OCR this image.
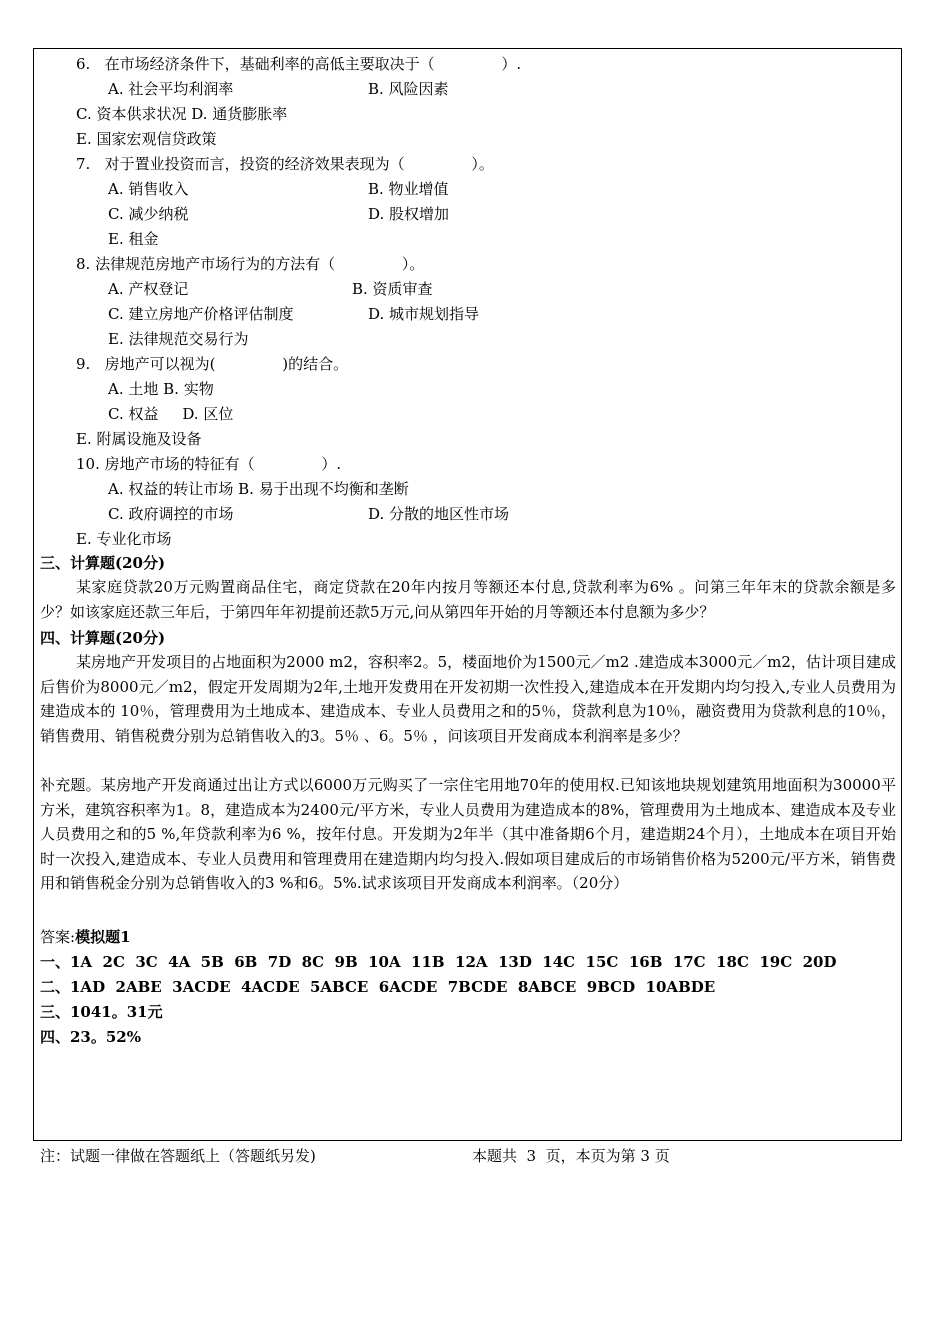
6.   在市场经济条件下，基础利率的高低主要取决于（              ）.
A. 社会平均利润率	B. 风险因素
C. 资本供求状况 D. 通货膨胀率
E. 国家宏观信贷政策
7.   对于置业投资而言，投资的经济效果表现为（              ）。
A. 销售收入	B. 物业增值
C. 减少纳税	D. 股权增加
E. 租金
8. 法律规范房地产市场行为的方法有（              ）。
A. 产权登记	B. 资质审查
C. 建立房地产价格评估制度	D. 城市规划指导
E. 法律规范交易行为
9.   房地产可以视为(              )的结合。
A. 土地 B. 实物
C. 权益     D. 区位
E. 附属设施及设备
10. 房地产市场的特征有（              ）.
A. 权益的转让市场 B. 易于出现不均衡和垄断
C. 政府调控的市场	D. 分散的地区性市场
E. 专业化市场
三、计算题(20分)
某家庭贷款20万元购置商品住宅，商定贷款在20年内按月等额还本付息,贷款利率为6% 。问第三年年末的贷款余额是多少？如该家庭还款三年后，于第四年年初提前还款5万元,问从第四年开始的月等额还本付息额为多少？
四、计算题(20分)
某房地产开发项目的占地面积为2000 m2，容积率2。5，楼面地价为1500元／m2 .建造成本3000元／m2，估计项目建成后售价为8000元／m2，假定开发周期为2年,土地开发费用在开发初期一次性投入,建造成本在开发期内均匀投入,专业人员费用为建造成本的 10％，管理费用为土地成本、建造成本、专业人员费用之和的5％，贷款利息为10％，融资费用为贷款利息的10％，销售费用、销售税费分别为总销售收入的3。5％ 、6。5％ ，问该项目开发商成本利润率是多少？
补充题。某房地产开发商通过出让方式以6000万元购买了一宗住宅用地70年的使用权.已知该地块规划建筑用地面积为30000平方米，建筑容积率为1。8，建造成本为2400元/平方米，专业人员费用为建造成本的8%，管理费用为土地成本、建造成本及专业人员费用之和的5 %,年贷款利率为6 %，按年付息。开发期为2年半（其中准备期6个月，建造期24个月），土地成本在项目开始时一次投入,建造成本、专业人员费用和管理费用在建造期内均匀投入.假如项目建成后的市场销售价格为5200元/平方米，销售费用和销售税金分别为总销售收入的3 %和6。5%.试求该项目开发商成本利润率。（20分）
答案:模拟题1
一、1A  2C  3C  4A  5B  6B  7D  8C  9B  10A  11B  12A  13D  14C  15C  16B  17C  18C  19C  20D
二、1AD  2ABE  3ACDE  4ACDE  5ABCE  6ACDE  7BCDE  8ABCE  9BCD  10ABDE
三、1041。31元
四、23。52%
注：试题一律做在答题纸上（答题纸另发)	本题共  3  页，本页为第 3 页
